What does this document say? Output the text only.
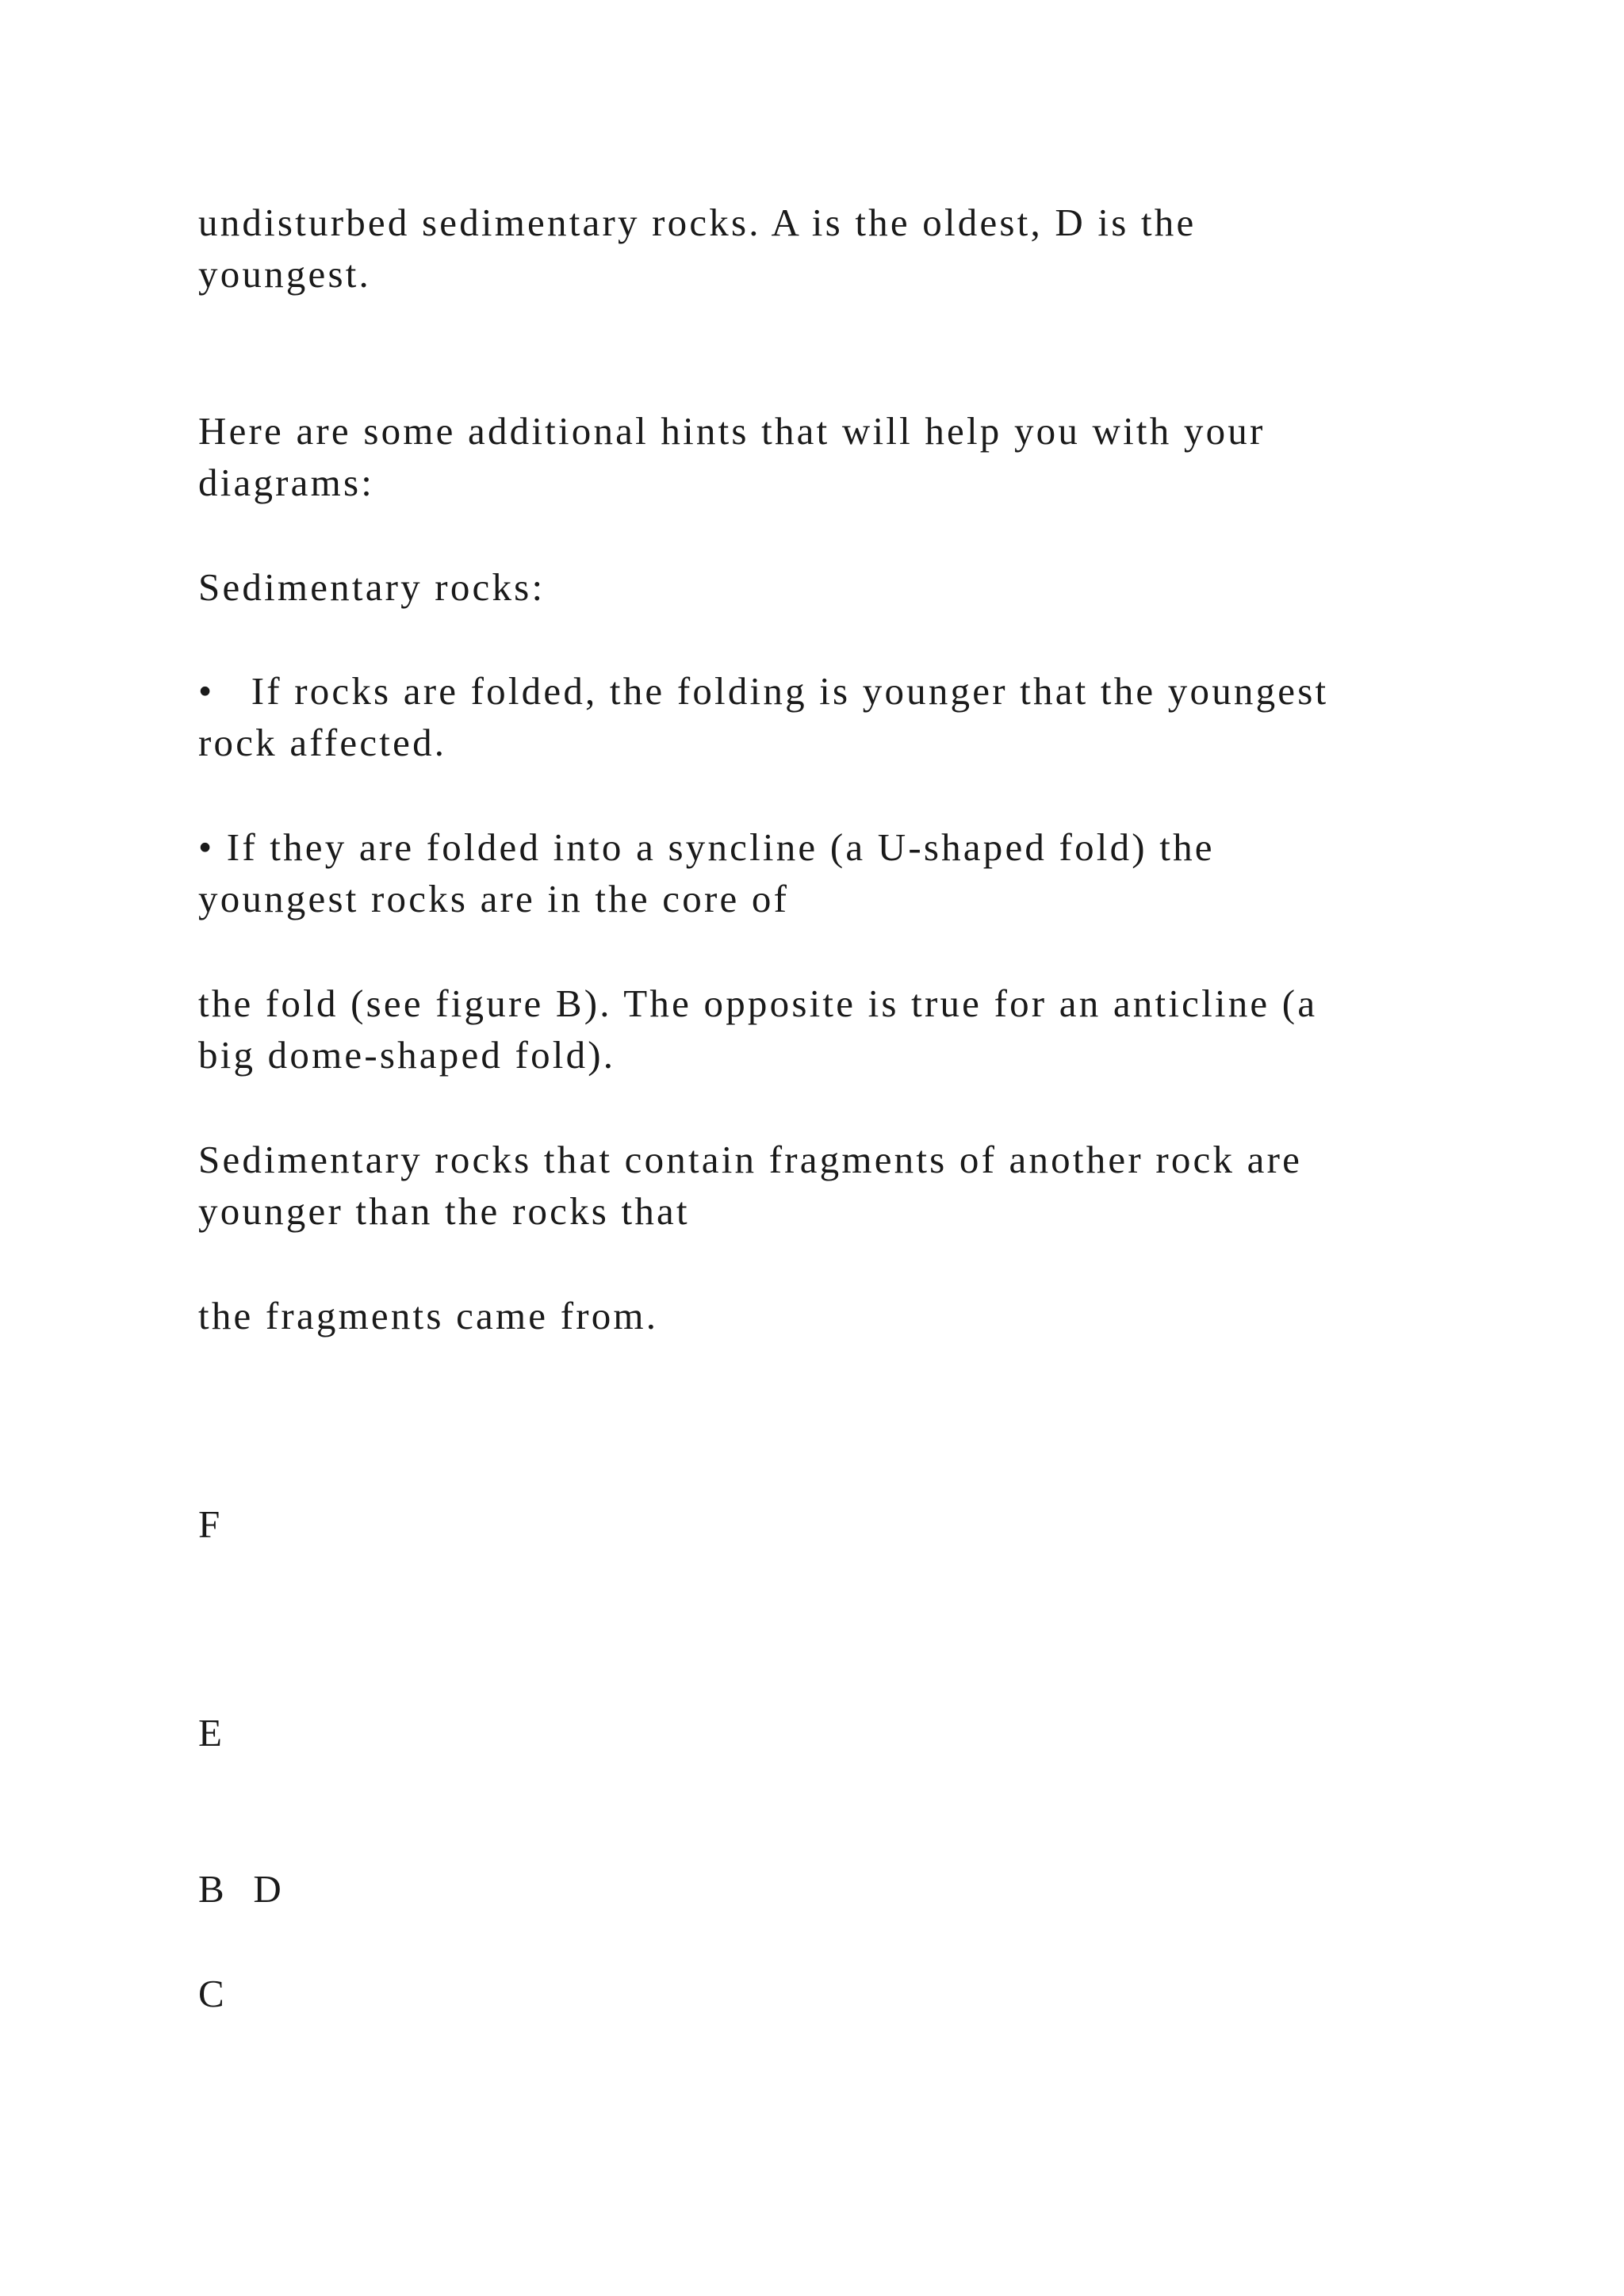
undisturbed sedimentary rocks. A is the oldest, D is the

youngest.

Here are some additional hints that will help you with your

diagrams:

Sedimentary rocks:

•   If rocks are folded, the folding is younger that the youngest

rock affected.

• If they are folded into a syncline (a U-shaped fold) the

youngest rocks are in the core of

the fold (see figure B). The opposite is true for an anticline (a

big dome-shaped fold).

Sedimentary rocks that contain fragments of another rock are

younger than the rocks that

the fragments came from.

F

E

B   D

C
